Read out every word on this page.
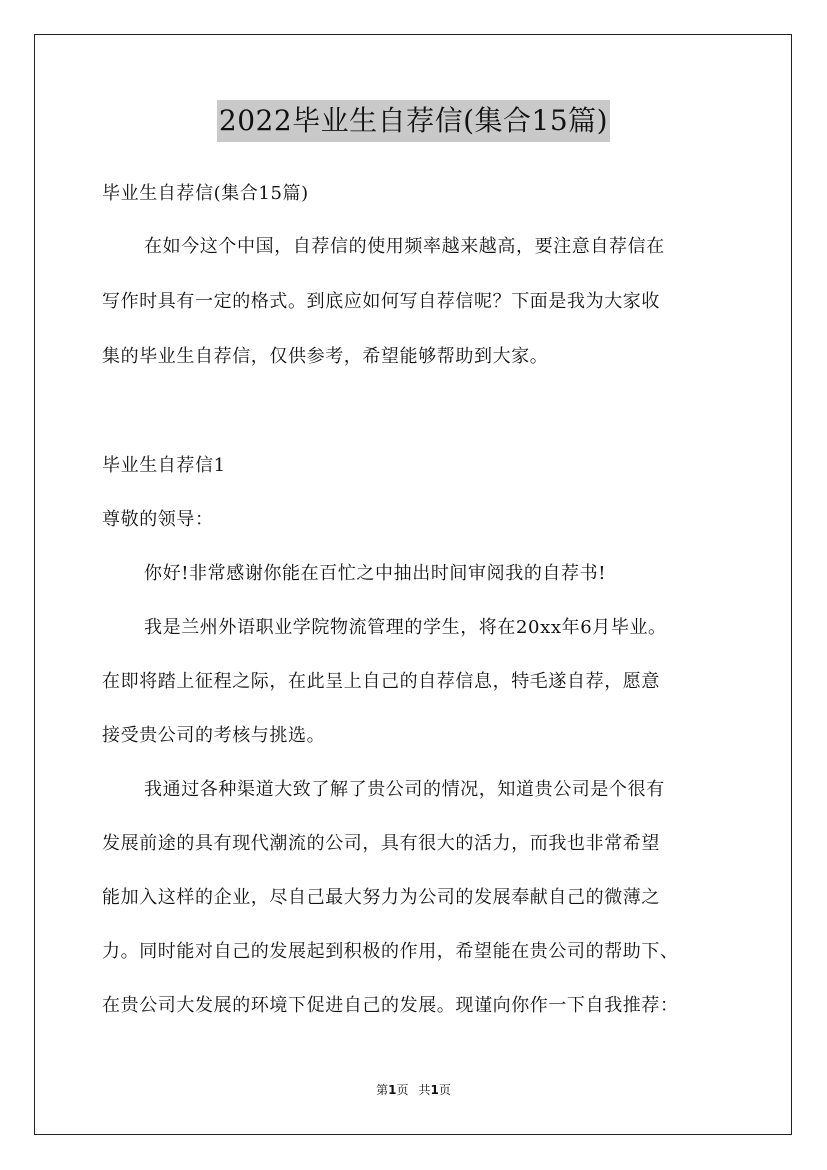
2022毕业生自荐信(集合15篇)
毕业生自荐信(集合15篇)
在如今这个中国，自荐信的使用频率越来越高，要注意自荐信在
写作时具有一定的格式。到底应如何写自荐信呢？下面是我为大家收
集的毕业生自荐信，仅供参考，希望能够帮助到大家。
毕业生自荐信1
尊敬的领导：
你好!非常感谢你能在百忙之中抽出时间审阅我的自荐书!
我是兰州外语职业学院物流管理的学生，将在20xx年6月毕业。
在即将踏上征程之际，在此呈上自己的自荐信息，特毛遂自荐，愿意
接受贵公司的考核与挑选。
我通过各种渠道大致了解了贵公司的情况，知道贵公司是个很有
发展前途的具有现代潮流的公司，具有很大的活力，而我也非常希望
能加入这样的企业，尽自己最大努力为公司的发展奉献自己的微薄之
力。同时能对自己的发展起到积极的作用，希望能在贵公司的帮助下、
在贵公司大发展的环境下促进自己的发展。现谨向你作一下自我推荐：
第1页 共1页
